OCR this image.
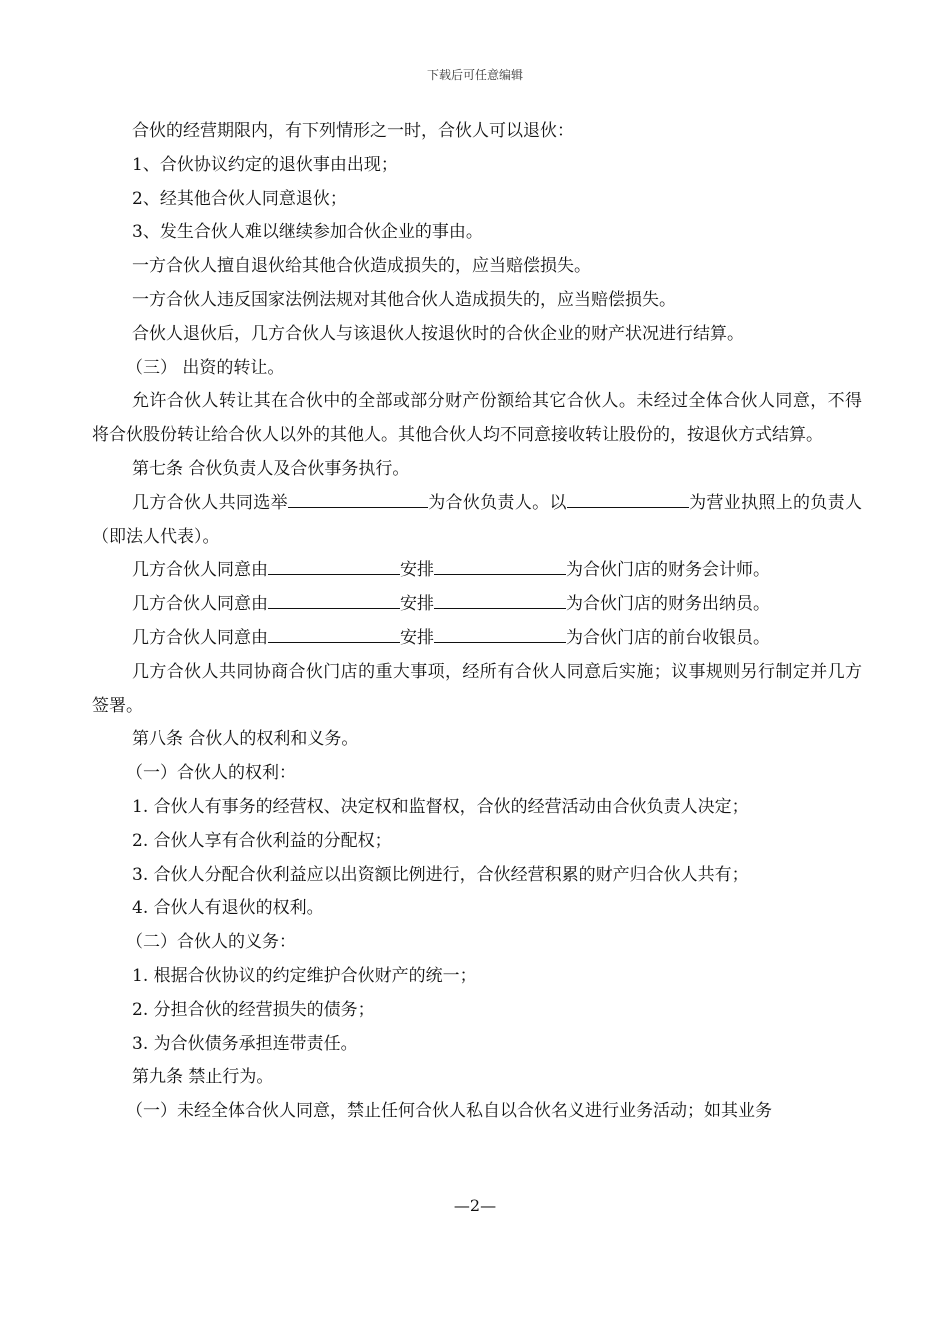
下载后可任意编辑
合伙的经营期限内，有下列情形之一时，合伙人可以退伙：
1、合伙协议约定的退伙事由出现；
2、经其他合伙人同意退伙；
3、发生合伙人难以继续参加合伙企业的事由。
一方合伙人擅自退伙给其他合伙造成损失的，应当赔偿损失。
一方合伙人违反国家法例法规对其他合伙人造成损失的，应当赔偿损失。
合伙人退伙后，几方合伙人与该退伙人按退伙时的合伙企业的财产状况进行结算。
（三） 出资的转让。
允许合伙人转让其在合伙中的全部或部分财产份额给其它合伙人。未经过全体合伙人同意，不得将合伙股份转让给合伙人以外的其他人。其他合伙人均不同意接收转让股份的，按退伙方式结算。
第七条 合伙负责人及合伙事务执行。
几方合伙人共同选举	为合伙负责人。以	为营业执照上的负责人（即法人代表）。
几方合伙人同意由	安排	为合伙门店的财务会计师。
几方合伙人同意由	安排	为合伙门店的财务出纳员。
几方合伙人同意由	安排	为合伙门店的前台收银员。
几方合伙人共同协商合伙门店的重大事项，经所有合伙人同意后实施；议事规则另行制定并几方签署。
第八条 合伙人的权利和义务。
（一）合伙人的权利：
1. 合伙人有事务的经营权、决定权和监督权，合伙的经营活动由合伙负责人决定；
2. 合伙人享有合伙利益的分配权；
3. 合伙人分配合伙利益应以出资额比例进行，合伙经营积累的财产归合伙人共有；
4. 合伙人有退伙的权利。
（二）合伙人的义务：
1. 根据合伙协议的约定维护合伙财产的统一；
2. 分担合伙的经营损失的债务；
3. 为合伙债务承担连带责任。
第九条 禁止行为。
（一）未经全体合伙人同意，禁止任何合伙人私自以合伙名义进行业务活动；如其业务
—2—
